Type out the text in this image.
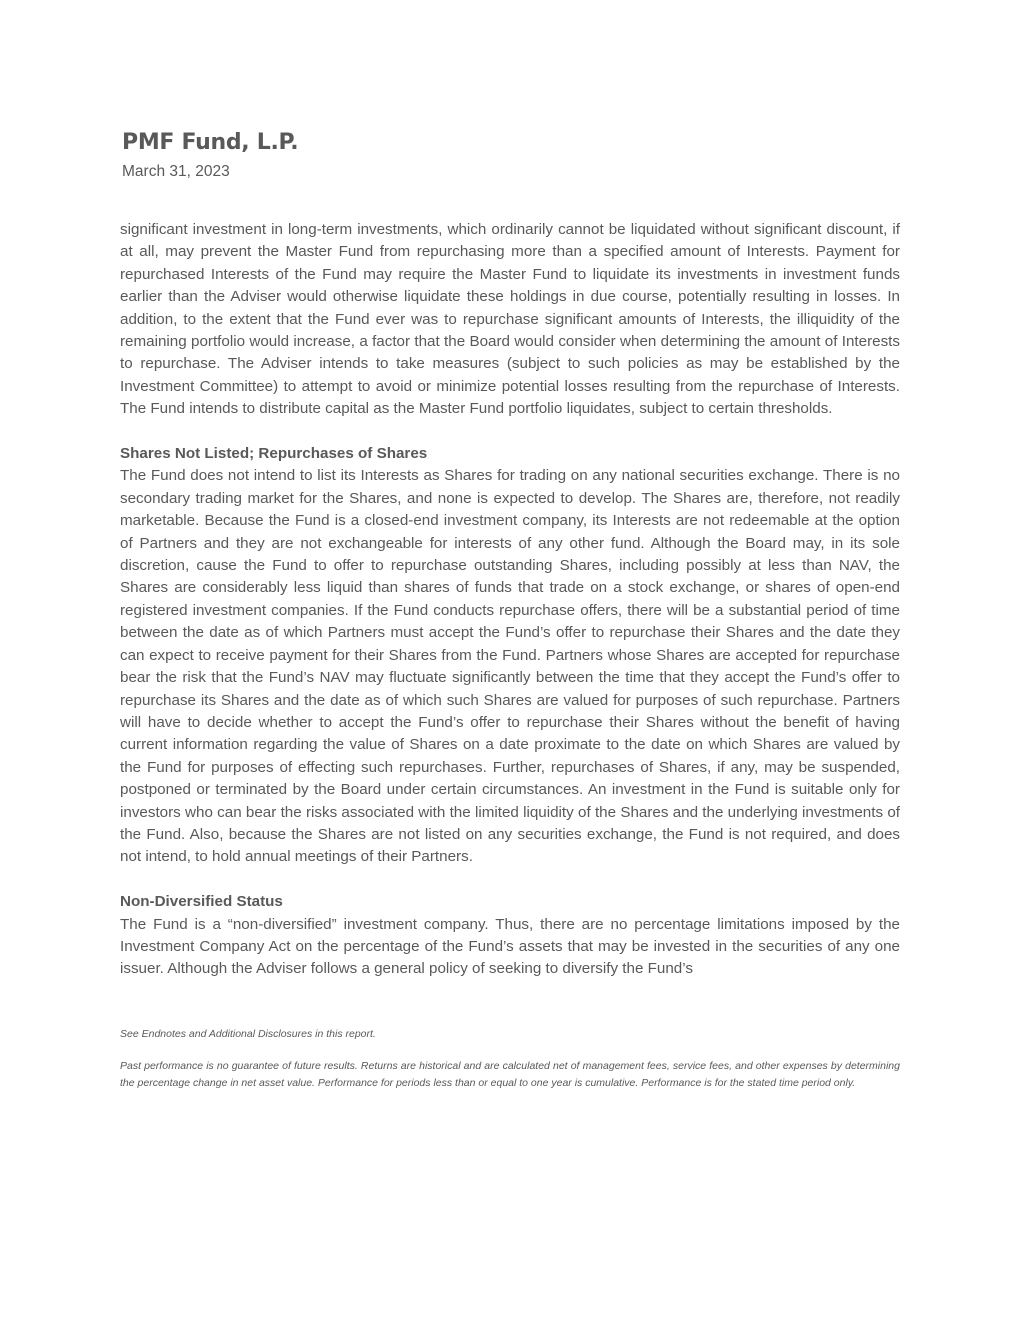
PMF Fund, L.P.
March 31, 2023

significant investment in long-term investments, which ordinarily cannot be liquidated without significant discount, if at all, may prevent the Master Fund from repurchasing more than a specified amount of Interests. Payment for repurchased Interests of the Fund may require the Master Fund to liquidate its investments in investment funds earlier than the Adviser would otherwise liquidate these holdings in due course, potentially resulting in losses. In addition, to the extent that the Fund ever was to repurchase significant amounts of Interests, the illiquidity of the remaining portfolio would increase, a factor that the Board would consider when determining the amount of Interests to repurchase. The Adviser intends to take measures (subject to such policies as may be established by the Investment Committee) to attempt to avoid or minimize potential losses resulting from the repurchase of Interests. The Fund intends to distribute capital as the Master Fund portfolio liquidates, subject to certain thresholds.

Shares Not Listed; Repurchases of Shares

The Fund does not intend to list its Interests as Shares for trading on any national securities exchange. There is no secondary trading market for the Shares, and none is expected to develop. The Shares are, therefore, not readily marketable. Because the Fund is a closed-end investment company, its Interests are not redeemable at the option of Partners and they are not exchangeable for interests of any other fund. Although the Board may, in its sole discretion, cause the Fund to offer to repurchase outstanding Shares, including possibly at less than NAV, the Shares are considerably less liquid than shares of funds that trade on a stock exchange, or shares of open-end registered investment companies. If the Fund conducts repurchase offers, there will be a substantial period of time between the date as of which Partners must accept the Fund’s offer to repurchase their Shares and the date they can expect to receive payment for their Shares from the Fund. Partners whose Shares are accepted for repurchase bear the risk that the Fund’s NAV may fluctuate significantly between the time that they accept the Fund’s offer to repurchase its Shares and the date as of which such Shares are valued for purposes of such repurchase. Partners will have to decide whether to accept the Fund’s offer to repurchase their Shares without the benefit of having current information regarding the value of Shares on a date proximate to the date on which Shares are valued by the Fund for purposes of effecting such repurchases. Further, repurchases of Shares, if any, may be suspended, postponed or terminated by the Board under certain circumstances. An investment in the Fund is suitable only for investors who can bear the risks associated with the limited liquidity of the Shares and the underlying investments of the Fund. Also, because the Shares are not listed on any securities exchange, the Fund is not required, and does not intend, to hold annual meetings of their Partners.

Non-Diversified Status

The Fund is a “non-diversified” investment company. Thus, there are no percentage limitations imposed by the Investment Company Act on the percentage of the Fund’s assets that may be invested in the securities of any one issuer. Although the Adviser follows a general policy of seeking to diversify the Fund’s

See Endnotes and Additional Disclosures in this report.
Past performance is no guarantee of future results. Returns are historical and are calculated net of management fees, service fees, and other expenses by determining the percentage change in net asset value. Performance for periods less than or equal to one year is cumulative. Performance is for the stated time period only.
